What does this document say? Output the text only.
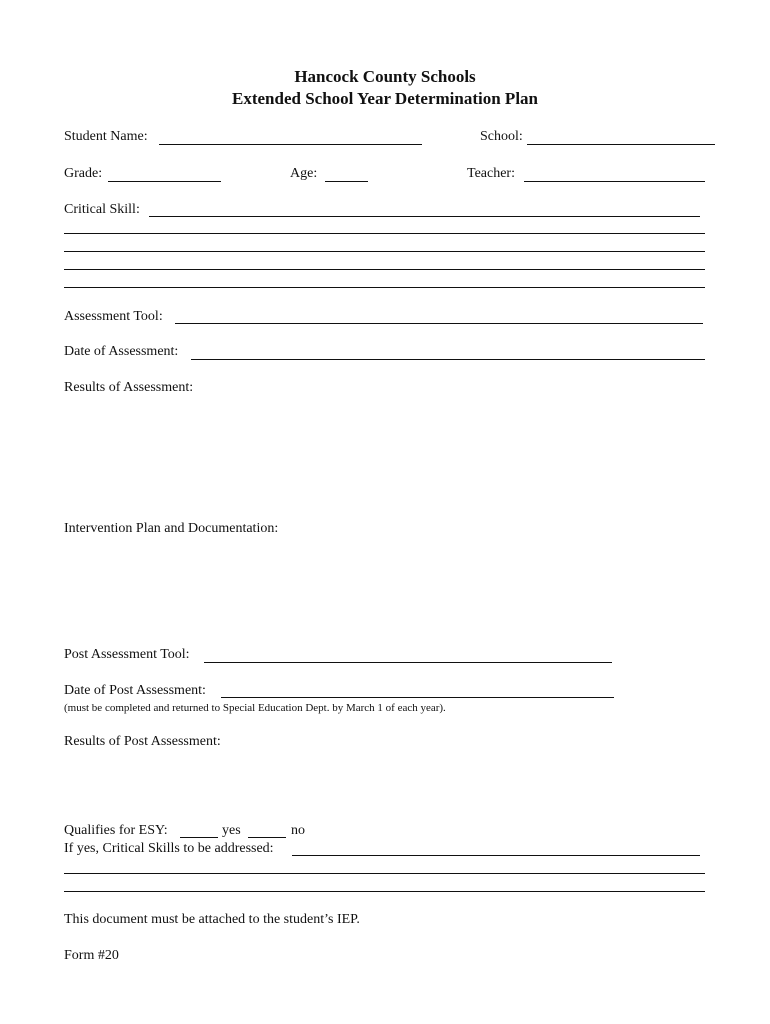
Hancock County Schools
Extended School Year Determination Plan
Student Name:	School:
Grade:	Age:	Teacher:
Critical Skill:
Assessment Tool:
Date of Assessment:
Results of Assessment:
Intervention Plan and Documentation:
Post Assessment Tool:
Date of Post Assessment:
(must be completed and returned to Special Education Dept. by March 1 of each year).
Results of Post Assessment:
Qualifies for ESY:	yes	no
If yes, Critical Skills to be addressed:
This document must be attached to the student’s IEP.
Form #20
